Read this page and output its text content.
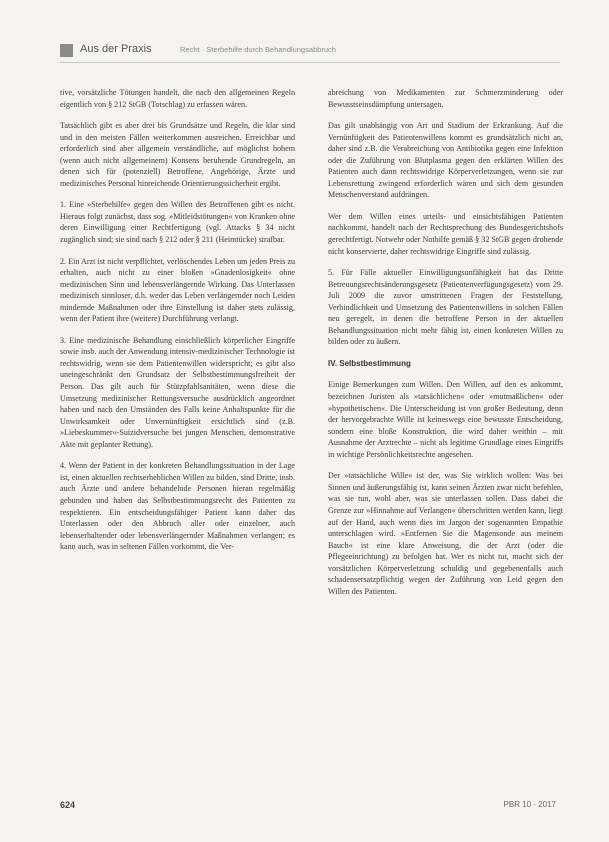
Aus der Praxis	Recht · Sterbehilfe durch Behandlungsabbruch

tive, vorsätzliche Tötungen handelt, die nach den allgemeinen Regeln eigentlich von § 212 StGB (Totschlag) zu erfassen wären.

Tatsächlich gibt es aber drei bis Grundsätze und Regeln, die klar sind und in den meisten Fällen weiterkommen ausreichen. Erreichbar und erforderlich sind aber allgemein verständliche, auf möglichst hohem (wenn auch nicht allgemeinem) Konsens beruhende Grundregeln, an denen sich für (potenziell) Betroffene, Angehörige, Ärzte und medizinisches Personal hinreichende Orientierungssicherheit ergibt.

1. Eine »Sterbehilfe« gegen den Willen des Betroffenen gibt es nicht. Hieraus folgt zunächst, dass sog. »Mitleidstötungen« von Kranken ohne deren Einwilligung einer Rechtfertigung (vgl. Attacks § 34 nicht zugänglich sind; sie sind nach § 212 oder § 211 (Heimtücke) strafbar.

2. Ein Arzt ist nicht verpflichtet, verlöschendes Leben um jeden Preis zu erhalten, auch nicht zu einer bloßen »Gnadenlosigkeit« ohne medizinischen Sinn und lebensverlängernde Wirkung. Das Unterlassen medizinisch sinnloser, d.h. weder das Leben verlängernder noch Leiden mindernde Maßnahmen oder ihre Einstellung ist daher stets zulässig, wenn der Patient ihre (weitere) Durchführung verlangt.

3. Eine medizinische Behandlung einschließlich körperlicher Eingriffe sowie insb. auch der Anwendung intensiv-medizinischer Technologie ist rechtswidrig, wenn sie dem Patientenwillen widerspricht; es gibt also uneingeschränkt den Grundsatz der Selbstbestimmungsfreiheit der Person. Das gilt auch für Stützpfahlsanitäten, wenn diese die Umsetzung medizinischer Rettungsversuche ausdrücklich angeordnet haben und nach den Umständen des Falls keine Anhaltspunkte für die Unwirksamkeit oder Unvernünftigkeit ersichtlich sind (z.B. »Liebeskummer«-Suizidversuche bei jungen Menschen, demonstrative Akte mit geplanter Rettung).

4. Wenn der Patient in der konkreten Behandlungssituation in der Lage ist, einen aktuellen rechtserheblichen Willen zu bilden, sind Dritte, insb. auch Ärzte und andere behandelnde Personen hieran regelmäßig gebunden und haben das Selbstbestimmungsrecht des Patienten zu respektieren. Ein entscheidungsfähiger Patient kann daher das Unterlassen oder den Abbruch aller oder einzelner, auch lebenserhaltender oder lebensverlängernder Maßnahmen verlangen; es kann auch, was in seltenen Fällen vorkommt, die Ver-

abreichung von Medikamenten zur Schmerzminderung oder Bewusstseinsdämpfung untersagen.

Das gilt unabhängig von Art und Stadium der Erkrankung. Auf die Vernünftigkeit des Patientenwillens kommt es grundsätzlich nicht an, daher sind z.B. die Verabreichung von Antibiotika gegen eine Infektion oder die Zuführung von Blutplasma gegen den erklärten Willen des Patienten auch dann rechtswidrige Körperverletzungen, wenn sie zur Lebensrettung zwingend erforderlich wären und sich dem gesunden Menschenverstand aufdrängen.

Wer dem Willen eines urteils- und einsichtsfähigen Patienten nachkommt, handelt nach der Rechtsprechung des Bundesgerichtshofs gerechtfertigt. Notwehr oder Nothilfe gemäß § 32 StGB gegen drohende nicht konservierte, daher rechtswidrige Eingriffe sind zulässig.

5. Für Fälle aktueller Einwilligungsunfähigkeit hat das Dritte Betreuungsrechtsänderungsgesetz (Patientenverfügungsgesetz) vom 29. Juli 2009 die zuvor umstrittenen Fragen der Feststellung, Verbindlichkeit und Umsetzung des Patientenwillens in solchen Fällen neu geregelt, in denen die betroffene Person in der aktuellen Behandlungssituation nicht mehr fähig ist, einen konkreten Willen zu bilden oder zu äußern.

IV. Selbstbestimmung

Einige Bemerkungen zum Willen. Den Willen, auf den es ankommt, bezeichnen Juristen als »tatsächlichen« oder »mutmaßlichen« oder »hypothetischen«. Die Unterscheidung ist von großer Bedeutung, denn der hervorgebrachte Wille ist keineswegs eine bewusste Entscheidung, sondern eine bloße Konstruktion, die wird daher weithin – mit Ausnahme der Arztrechte – nicht als legitime Grundlage eines Eingriffs in wichtige Persönlichkeitsrechte angesehen.

Der »tatsächliche Wille« ist der, was Sie wirklich wollen: Was bei Sinnen und äußerungsfähig ist, kann seinen Ärzten zwar nicht befehlen, was sie tun, wohl aber, was sie unterlassen sollen. Dass dabei die Grenze zur »Hinnahme auf Verlangen« überschritten werden kann, liegt auf der Hand, auch wenn dies im Jargon der sogenannten Empathie unterschlagen wird. »Entfernen Sie die Magensonde aus meinem Bauch« ist eine klare Anweisung, die der Arzt (oder die Pflegeeinrichtung) zu befolgen hat. Wer es nicht tut, macht sich der vorsätzlichen Körperverletzung schuldig und gegebenenfalls auch schadensersatzpflichtig wegen der Zuführung von Leid gegen den Willen des Patienten.

624	PBR 10 · 2017
